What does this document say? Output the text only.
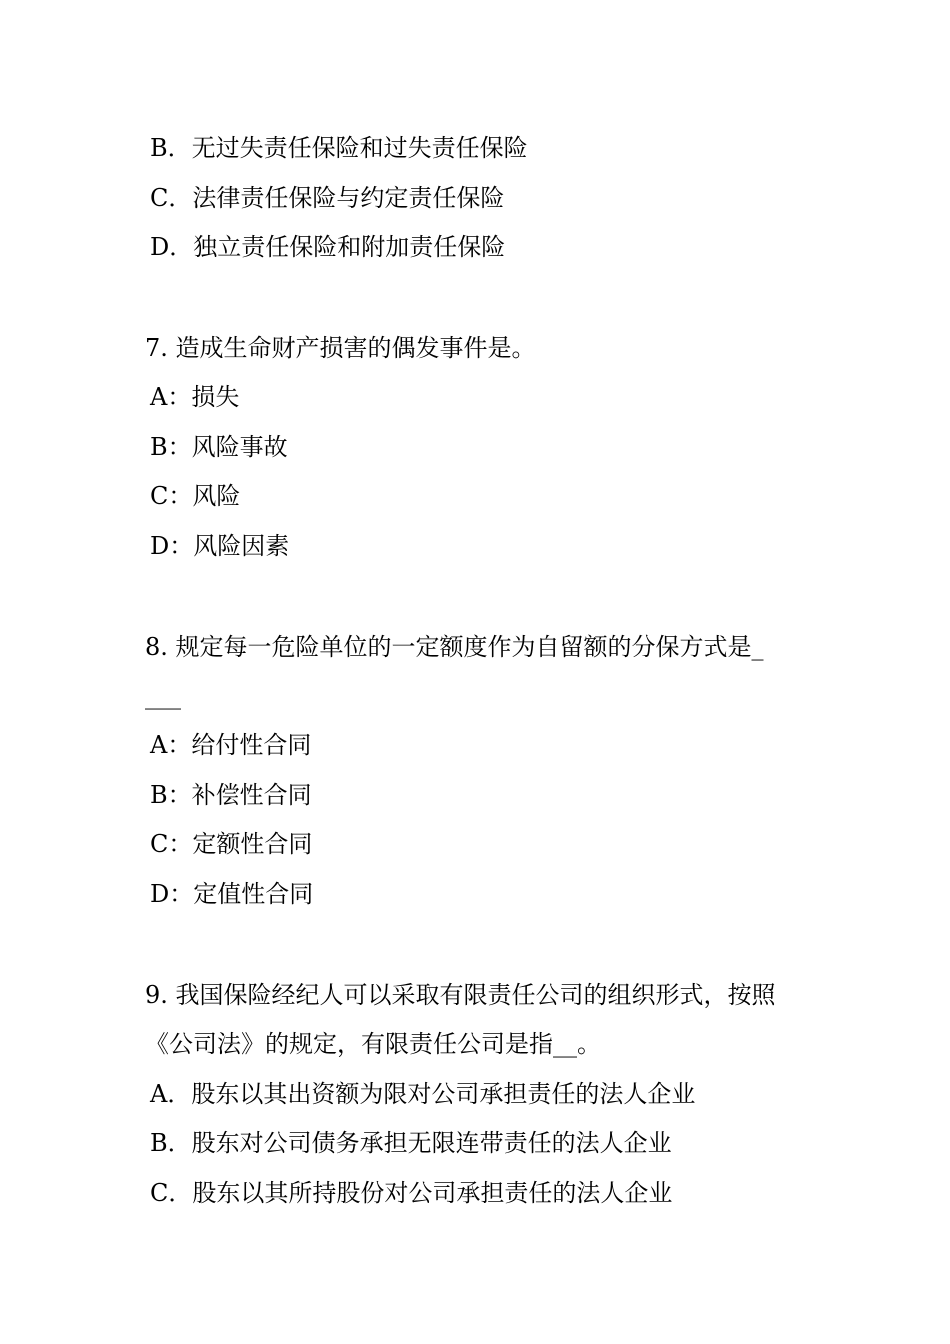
B．无过失责任保险和过失责任保险
C．法律责任保险与约定责任保险
D．独立责任保险和附加责任保险
7. 造成生命财产损害的偶发事件是。
A：损失
B：风险事故
C：风险
D：风险因素
8. 规定每一危险单位的一定额度作为自留额的分保方式是_
___
A：给付性合同
B：补偿性合同
C：定额性合同
D：定值性合同
9. 我国保险经纪人可以采取有限责任公司的组织形式，按照
《公司法》的规定，有限责任公司是指__。
A．股东以其出资额为限对公司承担责任的法人企业
B．股东对公司债务承担无限连带责任的法人企业
C．股东以其所持股份对公司承担责任的法人企业
